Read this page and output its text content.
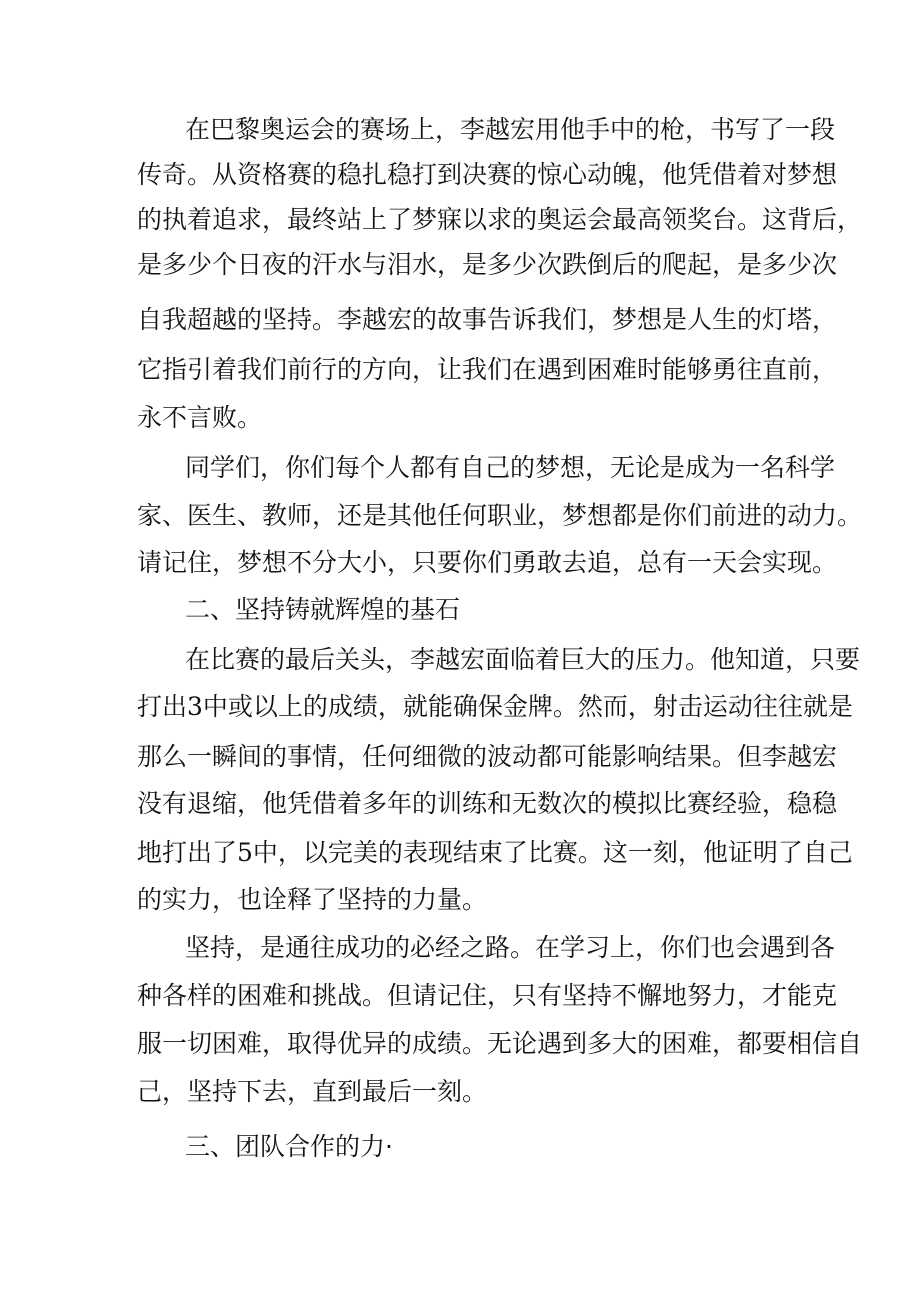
在巴黎奥运会的赛场上，李越宏用他手中的枪，书写了一段
传奇。从资格赛的稳扎稳打到决赛的惊心动魄，他凭借着对梦想
的执着追求，最终站上了梦寐以求的奥运会最高领奖台。这背后，
是多少个日夜的汗水与泪水，是多少次跌倒后的爬起，是多少次
自我超越的坚持。李越宏的故事告诉我们，梦想是人生的灯塔，
它指引着我们前行的方向，让我们在遇到困难时能够勇往直前，
永不言败。
同学们，你们每个人都有自己的梦想，无论是成为一名科学
家、医生、教师，还是其他任何职业，梦想都是你们前进的动力。
请记住，梦想不分大小，只要你们勇敢去追，总有一天会实现。
二、坚持铸就辉煌的基石
在比赛的最后关头，李越宏面临着巨大的压力。他知道，只要
打出3中或以上的成绩，就能确保金牌。然而，射击运动往往就是
那么一瞬间的事情，任何细微的波动都可能影响结果。但李越宏
没有退缩，他凭借着多年的训练和无数次的模拟比赛经验，稳稳
地打出了5中，以完美的表现结束了比赛。这一刻，他证明了自己
的实力，也诠释了坚持的力量。
坚持，是通往成功的必经之路。在学习上，你们也会遇到各
种各样的困难和挑战。但请记住，只有坚持不懈地努力，才能克
服一切困难，取得优异的成绩。无论遇到多大的困难，都要相信自
己，坚持下去，直到最后一刻。
三、团队合作的力·
